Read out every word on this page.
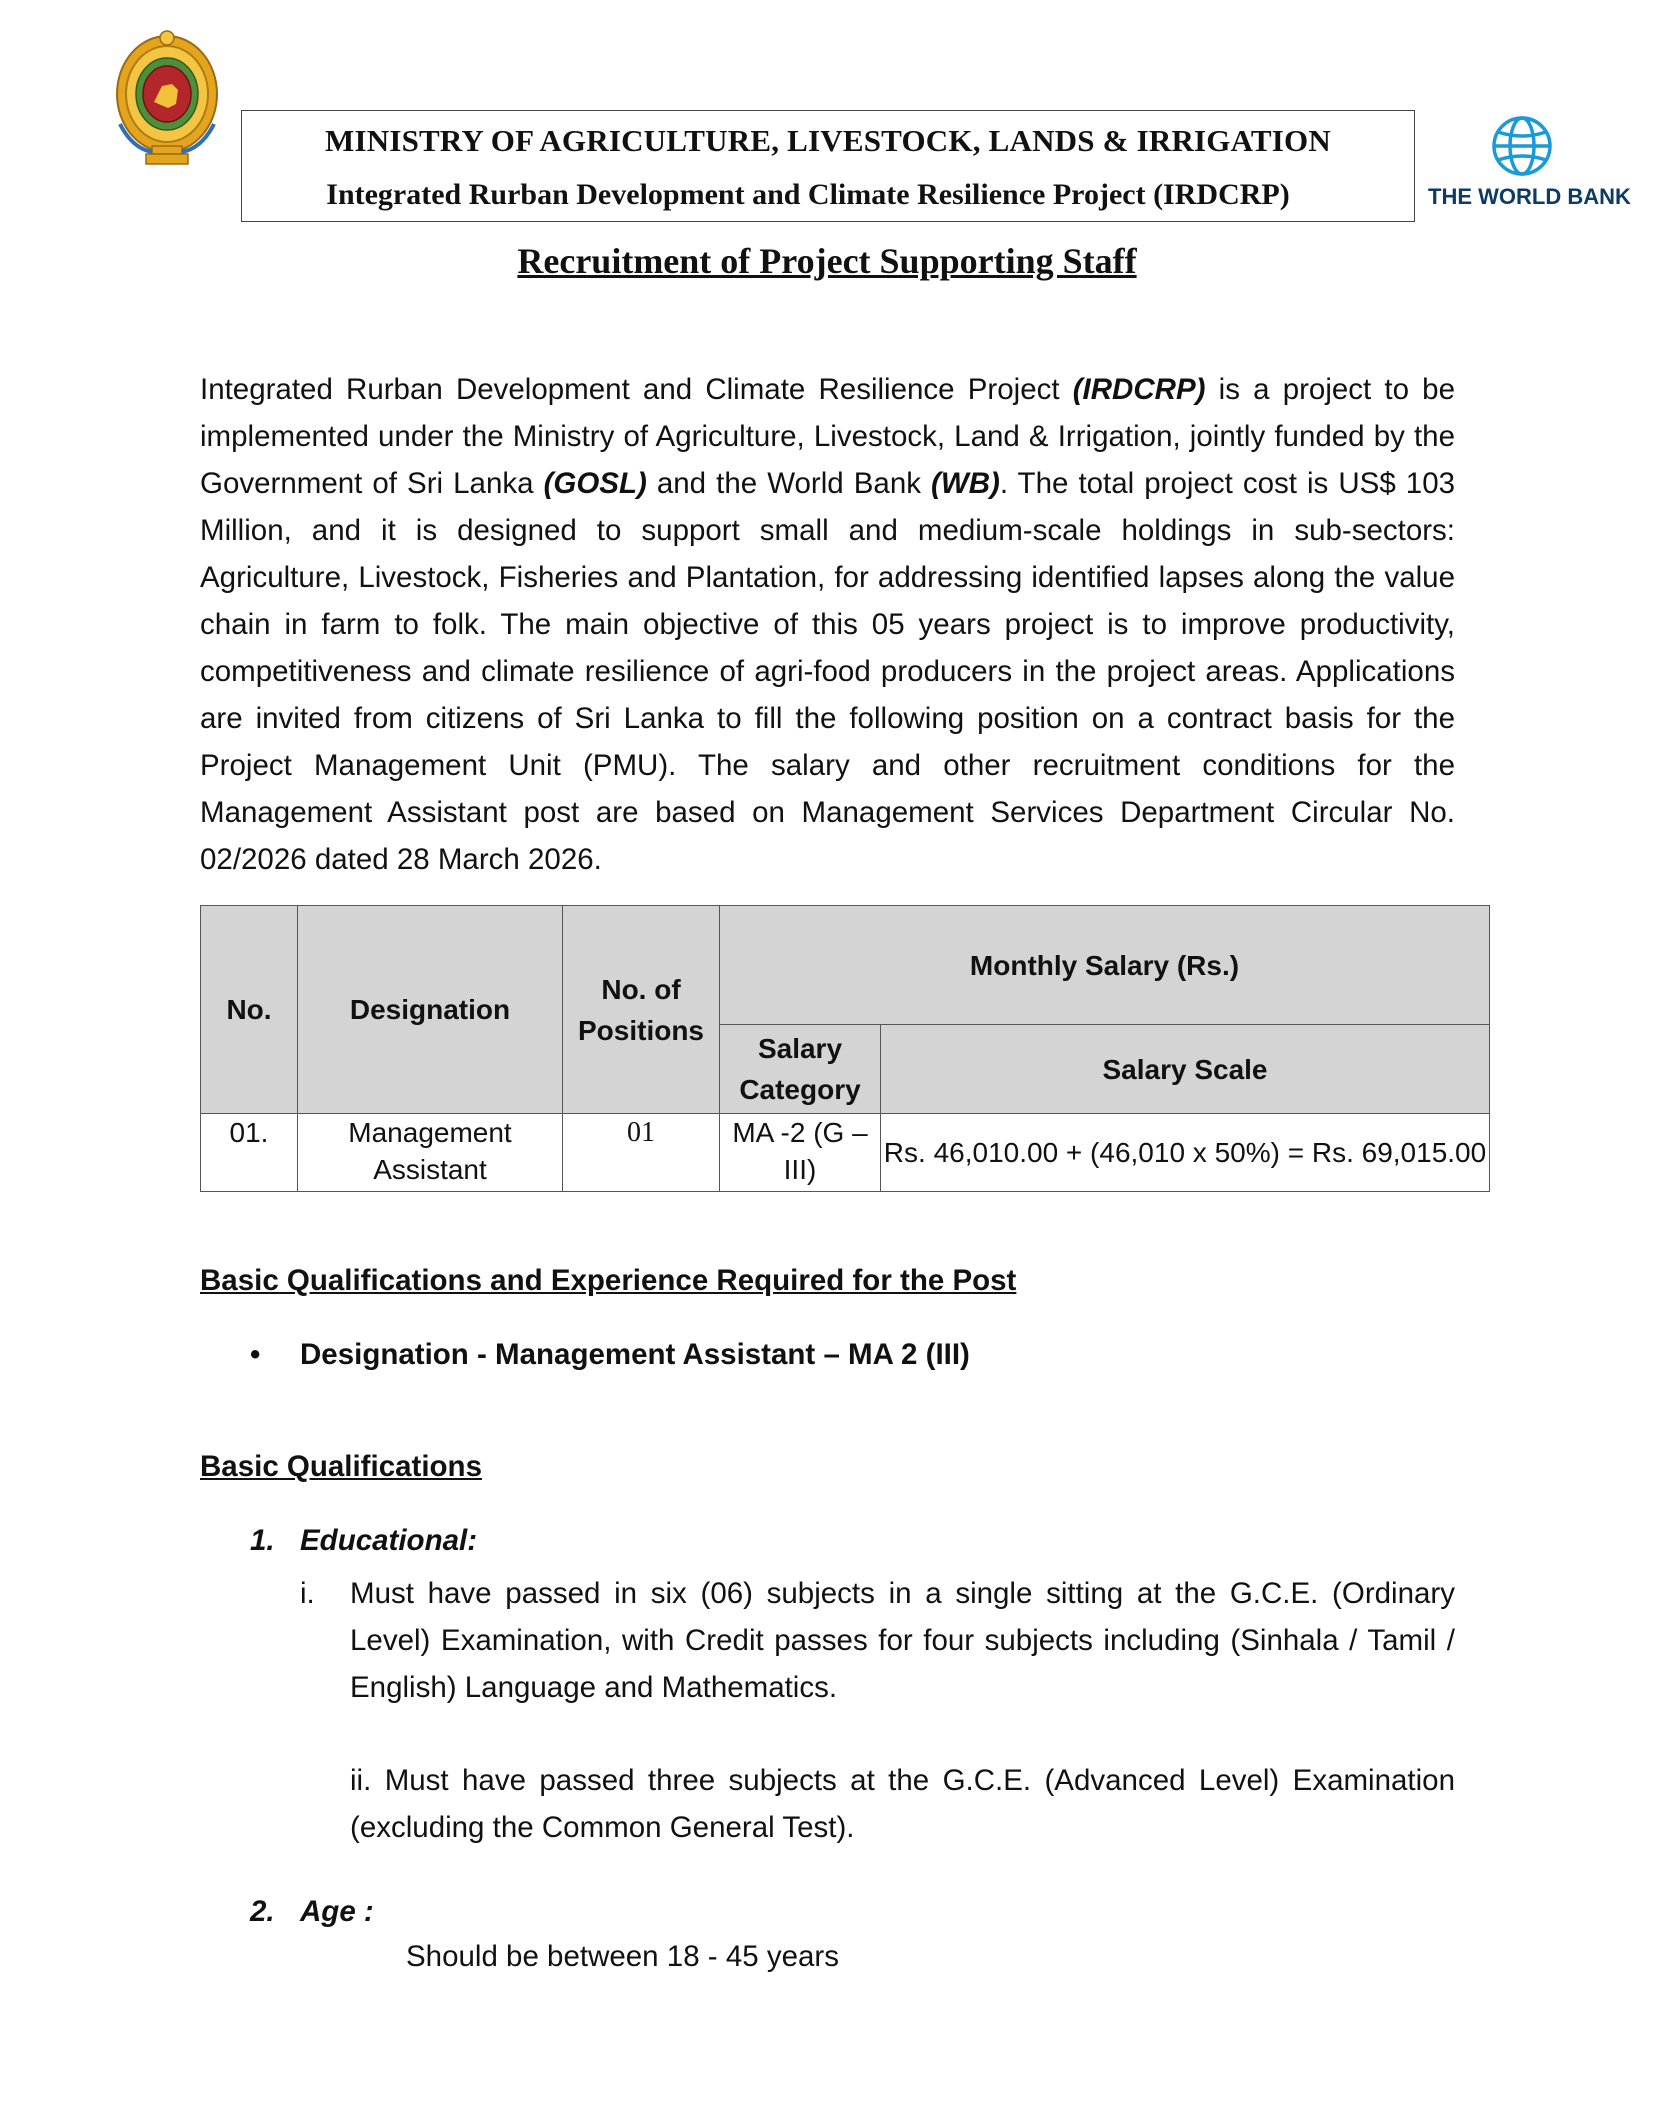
MINISTRY OF AGRICULTURE, LIVESTOCK, LANDS & IRRIGATION
Integrated Rurban Development and Climate Resilience Project (IRDCRP)	THE WORLD BANK
Recruitment of Project Supporting Staff
Integrated Rurban Development and Climate Resilience Project (IRDCRP) is a project to be implemented under the Ministry of Agriculture, Livestock, Land & Irrigation, jointly funded by the Government of Sri Lanka (GOSL) and the World Bank (WB). The total project cost is US$ 103 Million, and it is designed to support small and medium-scale holdings in sub-sectors: Agriculture, Livestock, Fisheries and Plantation, for addressing identified lapses along the value chain in farm to folk. The main objective of this 05 years project is to improve productivity, competitiveness and climate resilience of agri-food producers in the project areas. Applications are invited from citizens of Sri Lanka to fill the following position on a contract basis for the Project Management Unit (PMU). The salary and other recruitment conditions for the Management Assistant post are based on Management Services Department Circular No. 02/2026 dated 28 March 2026.
No.	Designation	No. of Positions	Monthly Salary (Rs.)	
			Salary Category	Salary Scale
01.	Management Assistant	01	MA -2 (G – III)	Rs. 46,010.00 + (46,010 x 50%) = Rs. 69,015.00
Basic Qualifications and Experience Required for the Post
• Designation - Management Assistant – MA 2 (III)
Basic Qualifications
1. Educational:
i. Must have passed in six (06) subjects in a single sitting at the G.C.E. (Ordinary Level) Examination, with Credit passes for four subjects including (Sinhala / Tamil / English) Language and Mathematics.
ii. Must have passed three subjects at the G.C.E. (Advanced Level) Examination (excluding the Common General Test).
2. Age :
Should be between 18 - 45 years
